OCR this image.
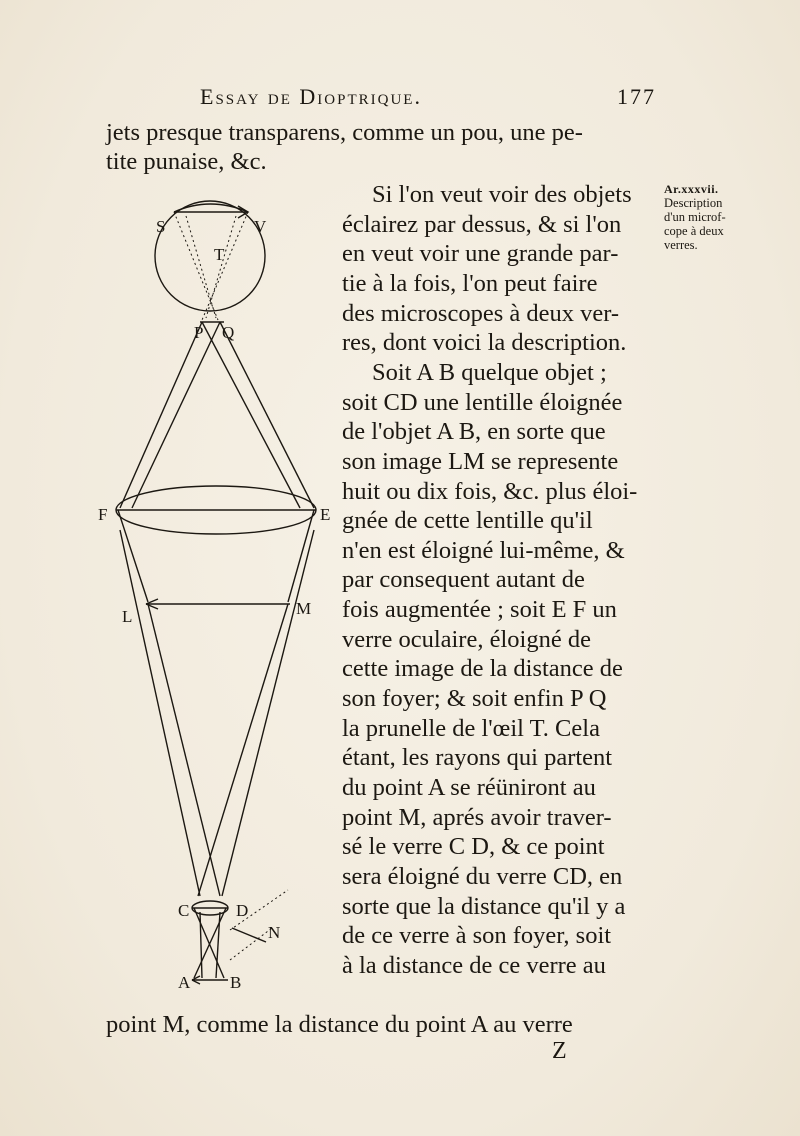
Essay de Dioptrique.	177
jets presque transparens, comme un pou, une pe-
tite punaise, &c.
Si l'on veut voir des objets
éclairez par dessus, & si l'on
en veut voir une grande par-
tie à la fois, l'on peut faire
des microscopes à deux ver-
res, dont voici la description.
Soit A B quelque objet ;
soit CD une lentille éloignée
de l'objet A B, en sorte que
son image LM se represente
huit ou dix fois, &c. plus éloi-
gnée de cette lentille qu'il
n'en est éloigné lui-même, &
par consequent autant de
fois augmentée ; soit E F un
verre oculaire, éloigné de
cette image de la distance de
son foyer; & soit enfin P Q
la prunelle de l'œil T. Cela
étant, les rayons qui partent
du point A se réüniront au
point M, aprés avoir traver-
sé le verre C D, & ce point
sera éloigné du verre CD, en
sorte que la distance qu'il y a
de ce verre à son foyer, soit
à la distance de ce verre au
Ar.xxxvii.
Description
d'un microf-
cope à deux
verres.
point M, comme la distance du point A au verre
Z
S	V
T
P Q
F	E
L	M
C	D
N
A B
